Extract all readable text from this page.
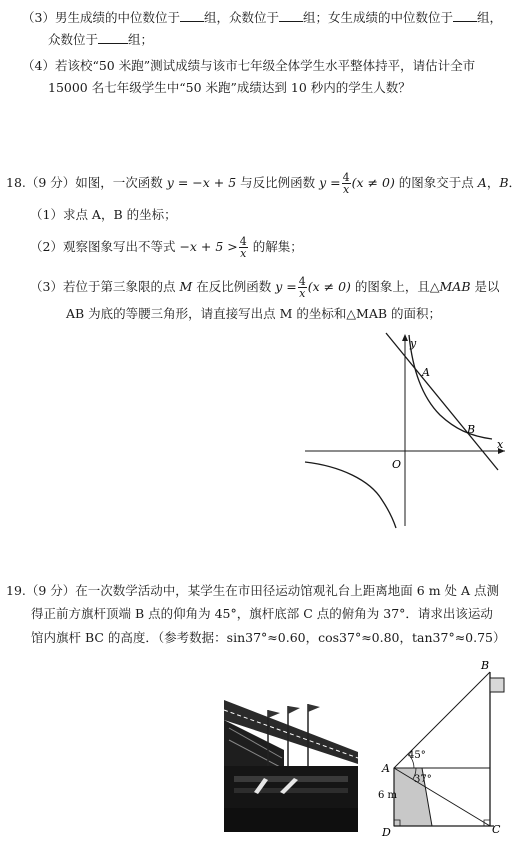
（3）男生成绩的中位数位于 组，众数位于 组；女生成绩的中位数位于 组，
众数位于 组；
（4）若该校“50 米跑”测试成绩与该市七年级全体学生水平整体持平，请估计全市
15000 名七年级学生中“50 米跑”成绩达到 10 秒内的学生人数？
18.（9 分）如图，一次函数 y = −x + 5 与反比例函数 $y = \frac{4}{x} (x \ne 0)$ 的图象交于点 A，B．
（1）求点 A，B 的坐标；
（2）观察图象写出不等式 $-x + 5 > \frac{4}{x}$ 的解集；
（3）若位于第三象限的点 M 在反比例函数 $y = \frac{4}{x} (x \ne 0)$ 的图象上，且△MAB 是以
AB 为底的等腰三角形，请直接写出点 M 的坐标和△MAB 的面积；
y
x
O
A
B
19.（9 分）在一次数学活动中，某学生在市田径运动馆观礼台上距离地面 6 m 处 A 点测
得正前方旗杆顶端 B 点的仰角为 45°，旗杆底部 C 点的俯角为 37°．请求出该运动
馆内旗杆 BC 的高度．（参考数据：sin37°≈0.60，cos37°≈0.80，tan37°≈0.75）
B
A
C
D
45°
37°
6 m
